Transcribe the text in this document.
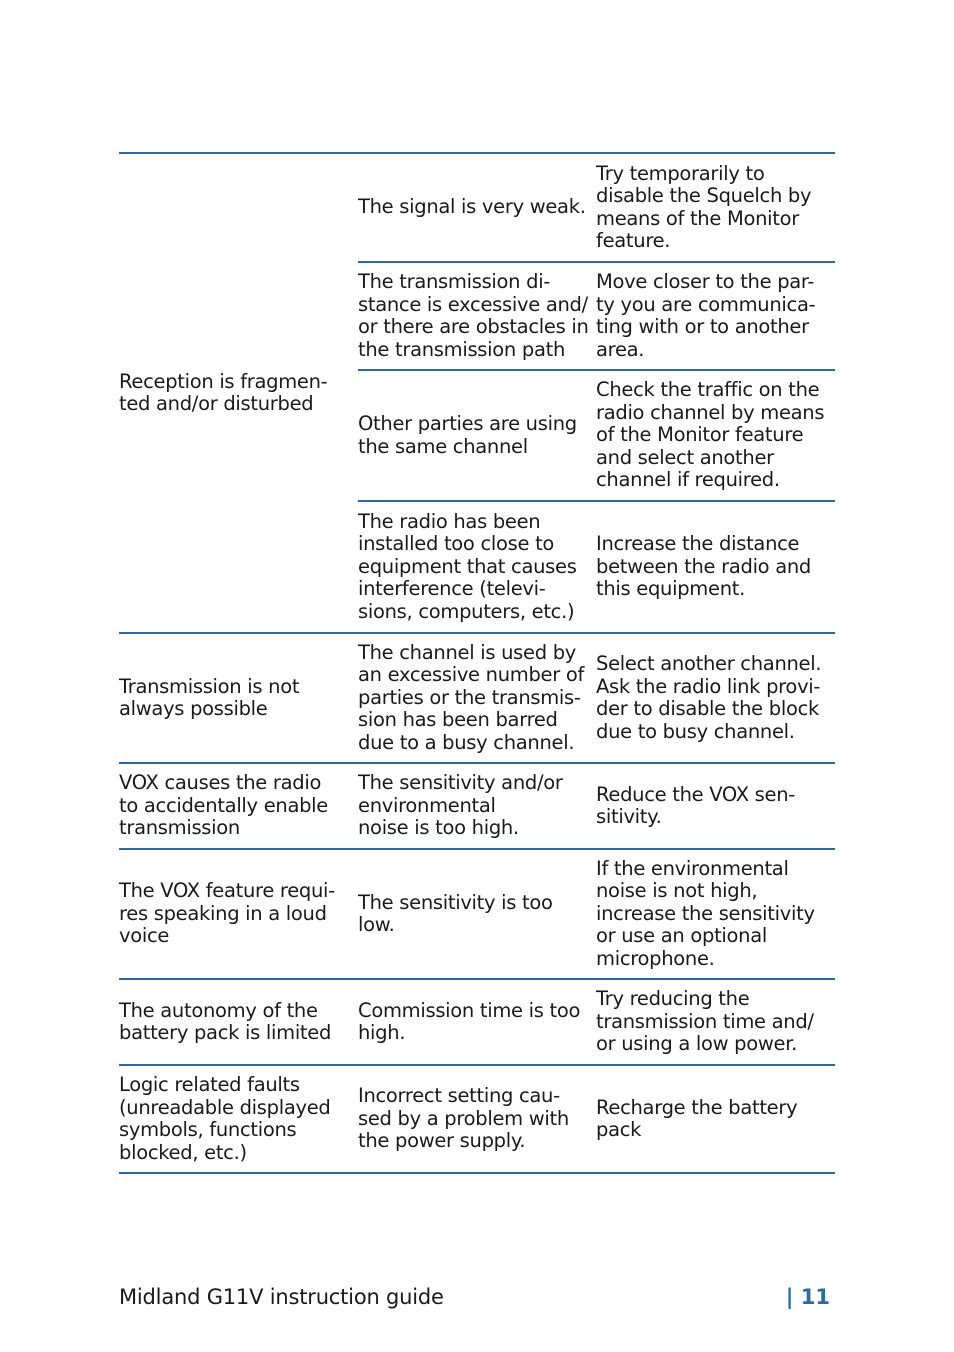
Reception is fragmen-
ted and/or disturbed
The signal is very weak.
Try temporarily to
disable the Squelch by
means of the Monitor
feature.
The transmission di-
stance is excessive and/
or there are obstacles in
the transmission path
Move closer to the par-
ty you are communica-
ting with or to another
area.
Other parties are using
the same channel
Check the traffic on the
radio channel by means
of the Monitor feature
and select another
channel if required.
The radio has been
installed too close to
equipment that causes
interference (televi-
sions, computers, etc.)
Increase the distance
between the radio and
this equipment.
Transmission is not
always possible
The channel is used by
an excessive number of
parties or the transmis-
sion has been barred
due to a busy channel.
Select another channel.
Ask the radio link provi-
der to disable the block
due to busy channel.
VOX causes the radio
to accidentally enable
transmission
The sensitivity and/or
environmental
noise is too high.
Reduce the VOX sen-
sitivity.
The VOX feature requi-
res speaking in a loud
voice
The sensitivity is too
low.
If the environmental
noise is not high,
increase the sensitivity
or use an optional
microphone.
The autonomy of the
battery pack is limited
Commission time is too
high.
Try reducing the
transmission time and/
or using a low power.
Logic related faults
(unreadable displayed
symbols, functions
blocked, etc.)
Incorrect setting cau-
sed by a problem with
the power supply.
Recharge the battery
pack
Midland G11V instruction guide	| 11
